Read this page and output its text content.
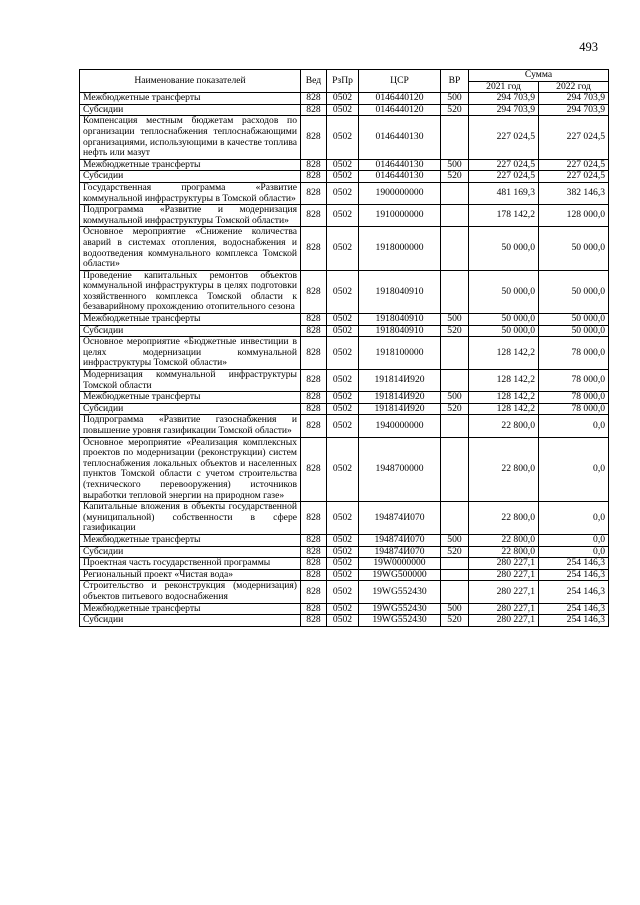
493
Наименование показателей	Вед	РзПр	ЦСР	ВР	Сумма	
					2021 год	2022 год
Межбюджетные трансферты	828	0502	0146440120	500	294 703,9	294 703,9
Субсидии	828	0502	0146440120	520	294 703,9	294 703,9
Компенсация местным бюджетам расходов по организации теплоснабжения теплоснабжающими организациями, использующими в качестве топлива нефть или мазут	828	0502	0146440130		227 024,5	227 024,5
Межбюджетные трансферты	828	0502	0146440130	500	227 024,5	227 024,5
Субсидии	828	0502	0146440130	520	227 024,5	227 024,5
Государственная программа «Развитие коммунальной инфраструктуры в Томской области»	828	0502	1900000000		481 169,3	382 146,3
Подпрограмма «Развитие и модернизация коммунальной инфраструктуры Томской области»	828	0502	1910000000		178 142,2	128 000,0
Основное мероприятие «Снижение количества аварий в системах отопления, водоснабжения и водоотведения коммунального комплекса Томской области»	828	0502	1918000000		50 000,0	50 000,0
Проведение капитальных ремонтов объектов коммунальной инфраструктуры в целях подготовки хозяйственного комплекса Томской области к безаварийному прохождению отопительного сезона	828	0502	1918040910		50 000,0	50 000,0
Межбюджетные трансферты	828	0502	1918040910	500	50 000,0	50 000,0
Субсидии	828	0502	1918040910	520	50 000,0	50 000,0
Основное мероприятие «Бюджетные инвестиции в целях модернизации коммунальной инфраструктуры Томской области»	828	0502	1918100000		128 142,2	78 000,0
Модернизация коммунальной инфраструктуры Томской области	828	0502	191814И920		128 142,2	78 000,0
Межбюджетные трансферты	828	0502	191814И920	500	128 142,2	78 000,0
Субсидии	828	0502	191814И920	520	128 142,2	78 000,0
Подпрограмма «Развитие газоснабжения и повышение уровня газификации Томской области»	828	0502	1940000000		22 800,0	0,0
Основное мероприятие «Реализация комплексных проектов по модернизации (реконструкции) систем теплоснабжения локальных объектов и населенных пунктов Томской области с учетом строительства (технического перевооружения) источников выработки тепловой энергии на природном газе»	828	0502	1948700000		22 800,0	0,0
Капитальные вложения в объекты государственной (муниципальной) собственности в сфере газификации	828	0502	194874И070		22 800,0	0,0
Межбюджетные трансферты	828	0502	194874И070	500	22 800,0	0,0
Субсидии	828	0502	194874И070	520	22 800,0	0,0
Проектная часть государственной программы	828	0502	19W0000000		280 227,1	254 146,3
Региональный проект «Чистая вода»	828	0502	19WG500000		280 227,1	254 146,3
Строительство и реконструкция (модернизация) объектов питьевого водоснабжения	828	0502	19WG552430		280 227,1	254 146,3
Межбюджетные трансферты	828	0502	19WG552430	500	280 227,1	254 146,3
Субсидии	828	0502	19WG552430	520	280 227,1	254 146,3
